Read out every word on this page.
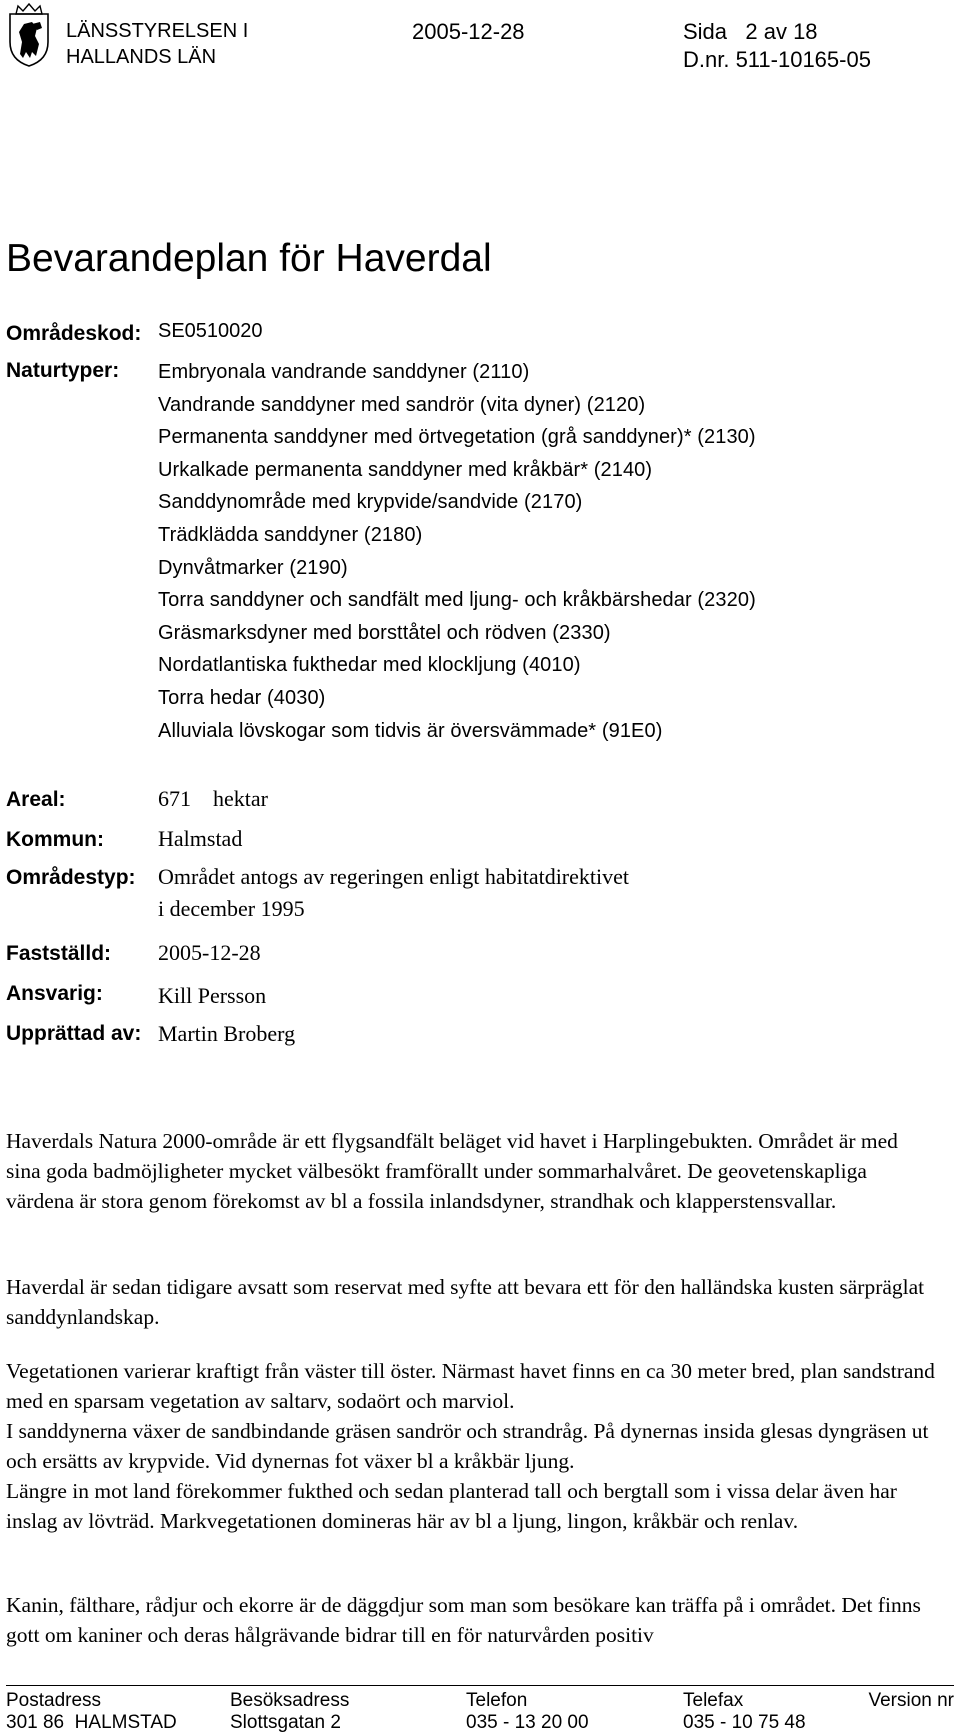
LÄNSSTYRELSEN I
HALLANDS LÄN
2005-12-28	Sida   2 av 18
D.nr. 511-10165-05
Bevarandeplan för Haverdal
Områdeskod: SE0510020
Naturtyper: Embryonala vandrande sanddyner (2110)
Vandrande sanddyner med sandrör (vita dyner) (2120)
Permanenta sanddyner med örtvegetation (grå sanddyner)* (2130)
Urkalkade permanenta sanddyner med kråkbär* (2140)
Sanddynområde med krypvide/sandvide (2170)
Trädklädda sanddyner (2180)
Dynvåtmarker (2190)
Torra sanddyner och sandfält med ljung- och kråkbärshedar (2320)
Gräsmarksdyner med borsttåtel och rödven (2330)
Nordatlantiska fukthedar med klockljung (4010)
Torra hedar (4030)
Alluviala lövskogar som tidvis är översvämmade* (91E0)
Areal:	671    hektar
Kommun: Halmstad
Områdestyp: Området antogs av regeringen enligt habitatdirektivet
i december 1995
Fastställd: 2005-12-28
Ansvarig:	Kill Persson
Upprättad av: Martin Broberg

Haverdals Natura 2000-område är ett flygsandfält beläget vid havet i Harplingebukten. Området är med sina goda badmöjligheter mycket välbesökt framförallt under sommarhalvåret. De geovetenskapliga värdena är stora genom förekomst av bl a fossila inlandsdyner, strandhak och klapperstensvallar.

Haverdal är sedan tidigare avsatt som reservat med syfte att bevara ett för den halländska kusten särpräglat sanddynlandskap.

Vegetationen varierar kraftigt från väster till öster. Närmast havet finns en ca 30 meter bred, plan sandstrand med en sparsam vegetation av saltarv, sodaört och marviol.

I sanddynerna växer de sandbindande gräsen sandrör och strandråg. På dynernas insida glesas dyngräsen ut och ersätts av krypvide. Vid dynernas fot växer bl a kråkbär ljung.

Längre in mot land förekommer fukthed och sedan planterad tall och bergtall som i vissa delar även har inslag av lövträd. Markvegetationen domineras här av bl a ljung, lingon, kråkbär och renlav.

Kanin, fälthare, rådjur och ekorre är de däggdjur som man som besökare kan träffa på i området. Det finns gott om kaniner och deras hålgrävande bidrar till en för naturvården positiv

Postadress	Besöksadress	Telefon	Telefax	Version nr
301 86  HALMSTAD	Slottsgatan 2	035 - 13 20 00	035 - 10 75 48
